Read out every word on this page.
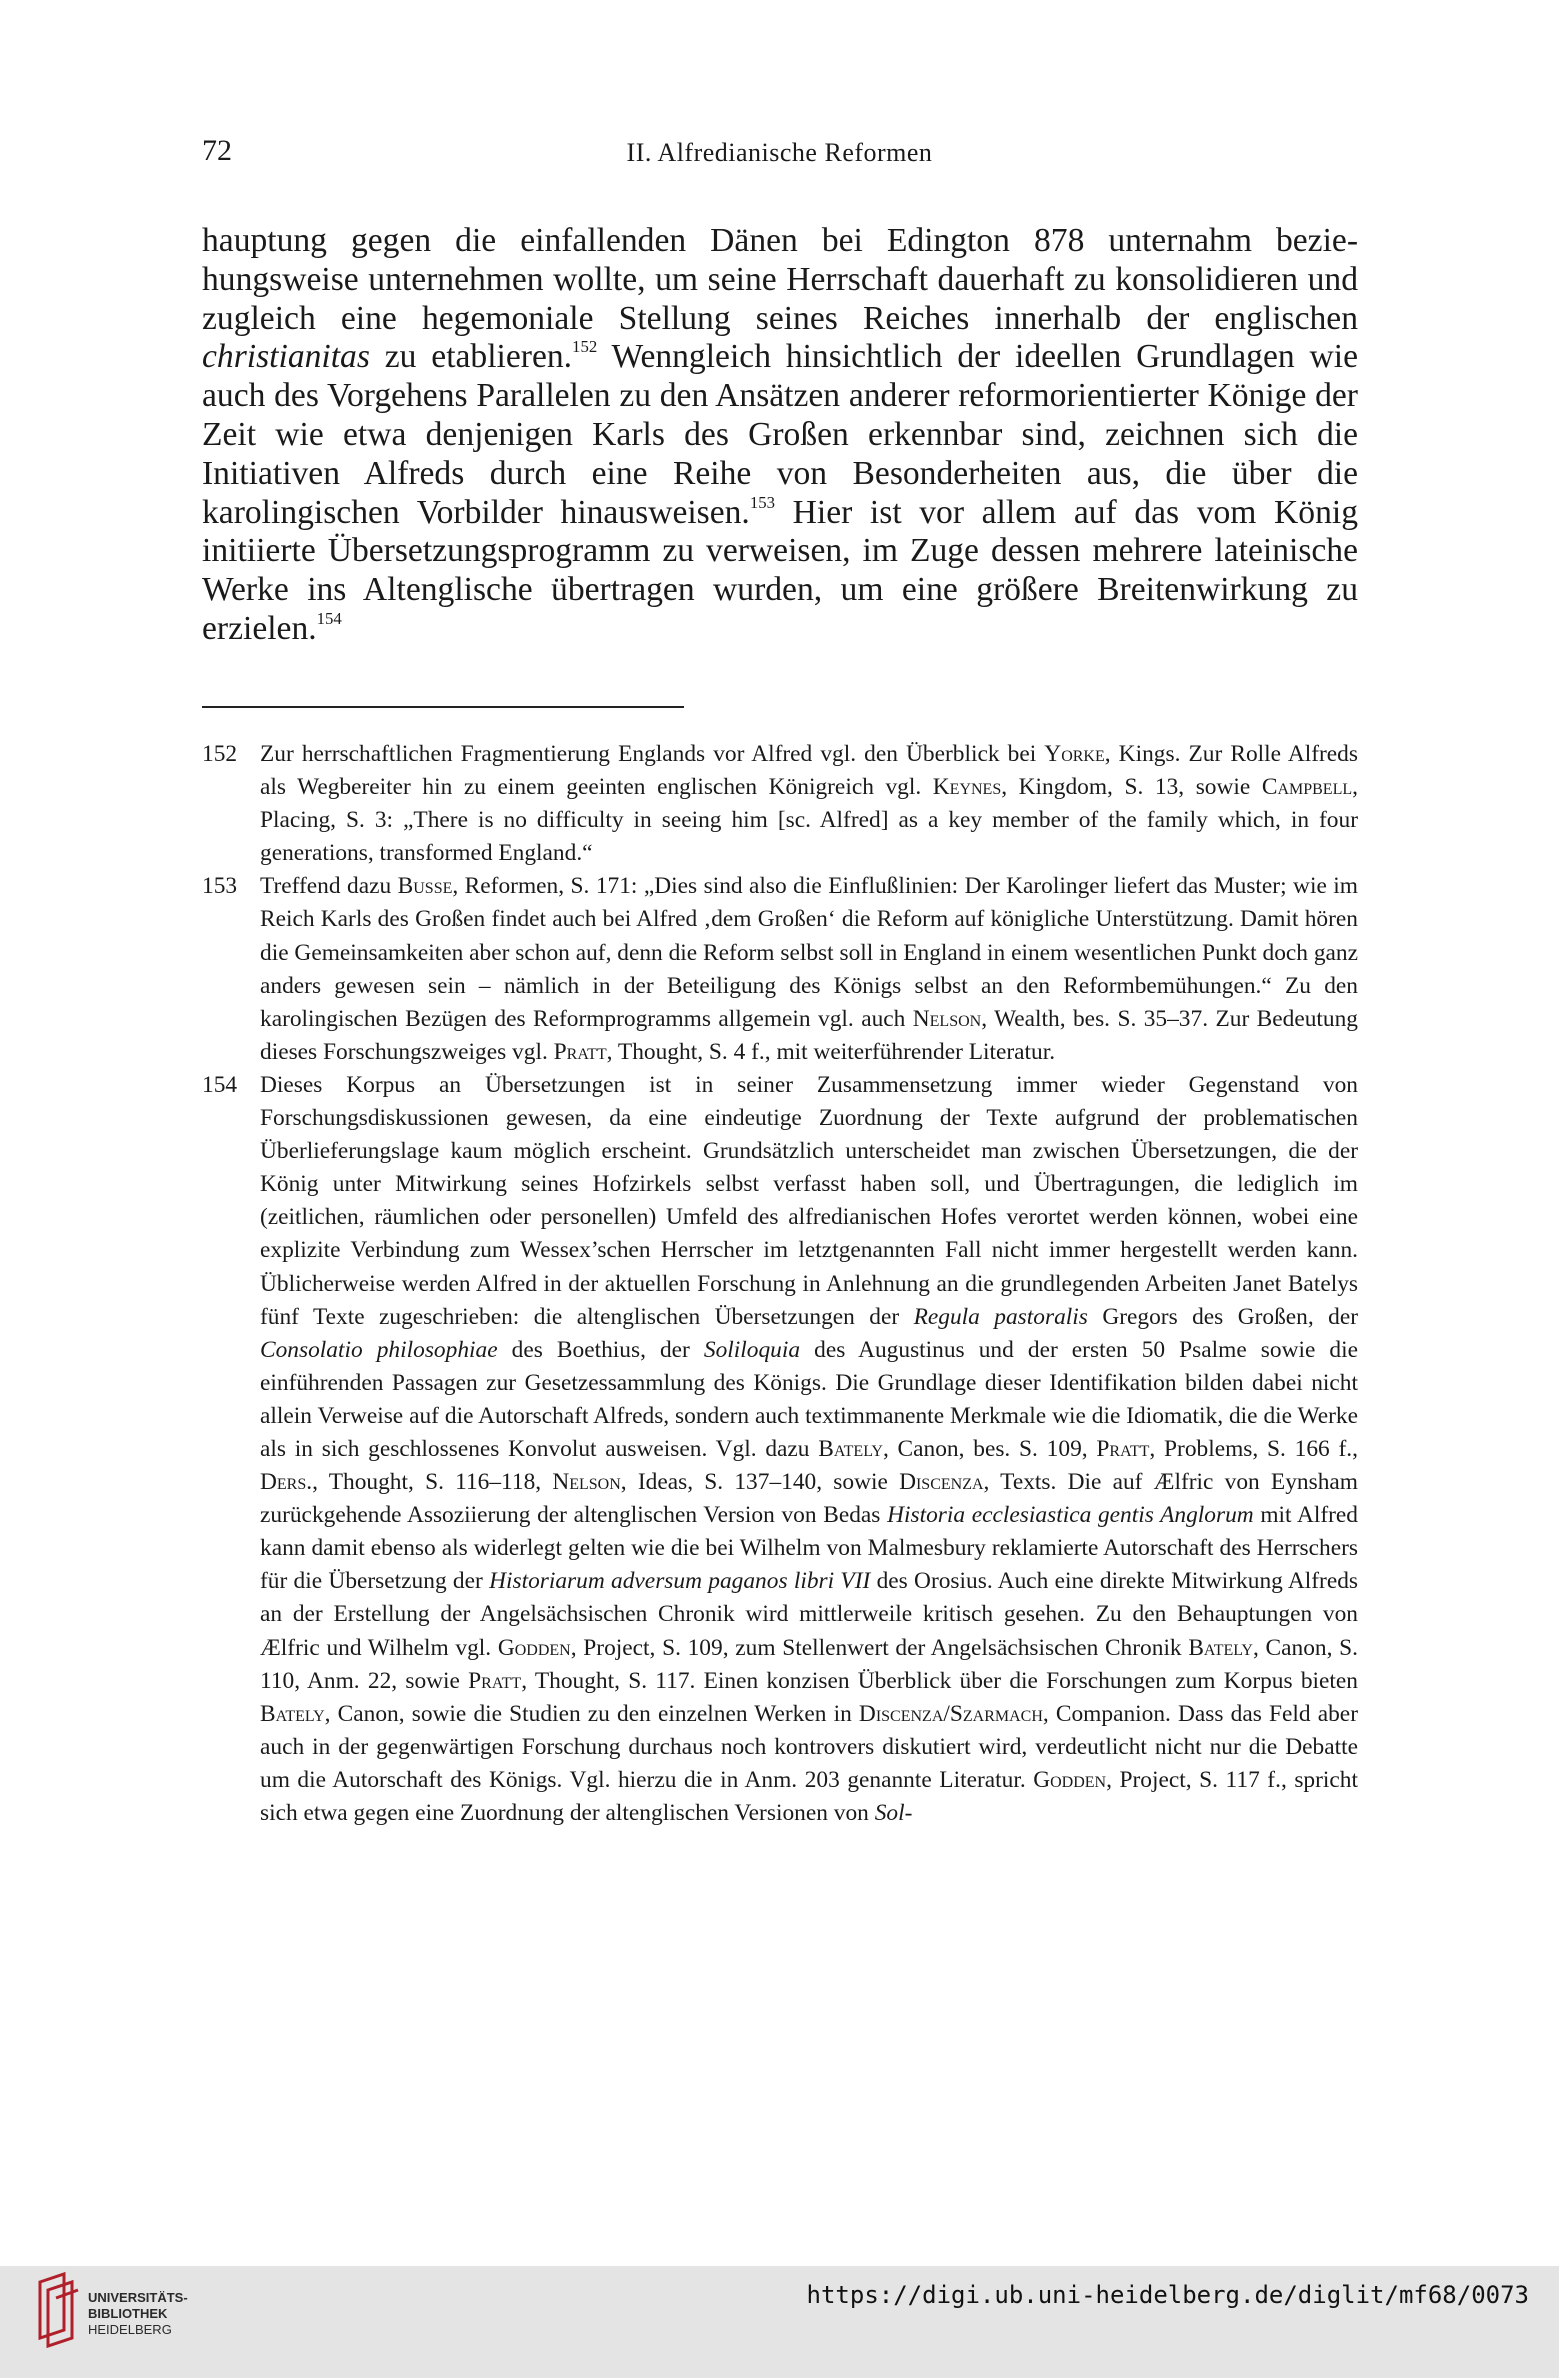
72	II. Alfredianische Reformen

hauptung gegen die einfallenden Dänen bei Edington 878 unternahm beziehungsweise unternehmen wollte, um seine Herrschaft dauerhaft zu konsolidieren und zugleich eine hegemoniale Stellung seines Reiches innerhalb der englischen christianitas zu etablieren.$^{152}$ Wenngleich hinsichtlich der ideellen Grundlagen wie auch des Vorgehens Parallelen zu den Ansätzen anderer reformorientierter Könige der Zeit wie etwa denjenigen Karls des Großen erkennbar sind, zeichnen sich die Initiativen Alfreds durch eine Reihe von Besonderheiten aus, die über die karolingischen Vorbilder hinausweisen.$^{153}$ Hier ist vor allem auf das vom König initiierte Übersetzungsprogramm zu verweisen, im Zuge dessen mehrere lateinische Werke ins Altenglische übertragen wurden, um eine größere Breitenwirkung zu erzielen.$^{154}$

152 Zur herrschaftlichen Fragmentierung Englands vor Alfred vgl. den Überblick bei Yorke, Kings. Zur Rolle Alfreds als Wegbereiter hin zu einem geeinten englischen Königreich vgl. Keynes, Kingdom, S. 13, sowie Campbell, Placing, S. 3: „There is no difficulty in seeing him [sc. Alfred] as a key member of the family which, in four generations, transformed England.“
153 Treffend dazu Busse, Reformen, S. 171: „Dies sind also die Einflußlinien: Der Karolinger liefert das Muster; wie im Reich Karls des Großen findet auch bei Alfred ‚dem Großen‘ die Reform auf königliche Unterstützung. Damit hören die Gemeinsamkeiten aber schon auf, denn die Reform selbst soll in England in einem wesentlichen Punkt doch ganz anders gewesen sein – nämlich in der Beteiligung des Königs selbst an den Reformbemühungen.“ Zu den karolingischen Bezügen des Reformprogramms allgemein vgl. auch Nelson, Wealth, bes. S. 35–37. Zur Bedeutung dieses Forschungszweiges vgl. Pratt, Thought, S. 4 f., mit weiterführender Literatur.
154 Dieses Korpus an Übersetzungen ist in seiner Zusammensetzung immer wieder Gegenstand von Forschungsdiskussionen gewesen, da eine eindeutige Zuordnung der Texte aufgrund der problematischen Überlieferungslage kaum möglich erscheint. Grundsätzlich unterscheidet man zwischen Übersetzungen, die der König unter Mitwirkung seines Hofzirkels selbst verfasst haben soll, und Übertragungen, die lediglich im (zeitlichen, räumlichen oder personellen) Umfeld des alfredianischen Hofes verortet werden können, wobei eine explizite Verbindung zum Wessex’schen Herrscher im letztgenannten Fall nicht immer hergestellt werden kann. Üblicherweise werden Alfred in der aktuellen Forschung in Anlehnung an die grundlegenden Arbeiten Janet Batelys fünf Texte zugeschrieben: die altenglischen Übersetzungen der Regula pastoralis Gregors des Großen, der Consolatio philosophiae des Boethius, der Soliloquia des Augustinus und der ersten 50 Psalme sowie die einführenden Passagen zur Gesetzessammlung des Königs. Die Grundlage dieser Identifikation bilden dabei nicht allein Verweise auf die Autorschaft Alfreds, sondern auch textimmanente Merkmale wie die Idiomatik, die die Werke als in sich geschlossenes Konvolut ausweisen. Vgl. dazu Bately, Canon, bes. S. 109, Pratt, Problems, S. 166 f., Ders., Thought, S. 116–118, Nelson, Ideas, S. 137–140, sowie Discenza, Texts. Die auf Ælfric von Eynsham zurückgehende Assoziierung der altenglischen Version von Bedas Historia ecclesiastica gentis Anglorum mit Alfred kann damit ebenso als widerlegt gelten wie die bei Wilhelm von Malmesbury reklamierte Autorschaft des Herrschers für die Übersetzung der Historiarum adversum paganos libri VII des Orosius. Auch eine direkte Mitwirkung Alfreds an der Erstellung der Angelsächsischen Chronik wird mittlerweile kritisch gesehen. Zu den Behauptungen von Ælfric und Wilhelm vgl. Godden, Project, S. 109, zum Stellenwert der Angelsächsischen Chronik Bately, Canon, S. 110, Anm. 22, sowie Pratt, Thought, S. 117. Einen konzisen Überblick über die Forschungen zum Korpus bieten Bately, Canon, sowie die Studien zu den einzelnen Werken in Discenza/Szarmach, Companion. Dass das Feld aber auch in der gegenwärtigen Forschung durchaus noch kontrovers diskutiert wird, verdeutlicht nicht nur die Debatte um die Autorschaft des Königs. Vgl. hierzu die in Anm. 203 genannte Literatur. Godden, Project, S. 117 f., spricht sich etwa gegen eine Zuordnung der altenglischen Versionen von Sol-
UNIVERSITÄTS-
BIBLIOTHEK
HEIDELBERG
https://digi.ub.uni-heidelberg.de/diglit/mf68/0073
